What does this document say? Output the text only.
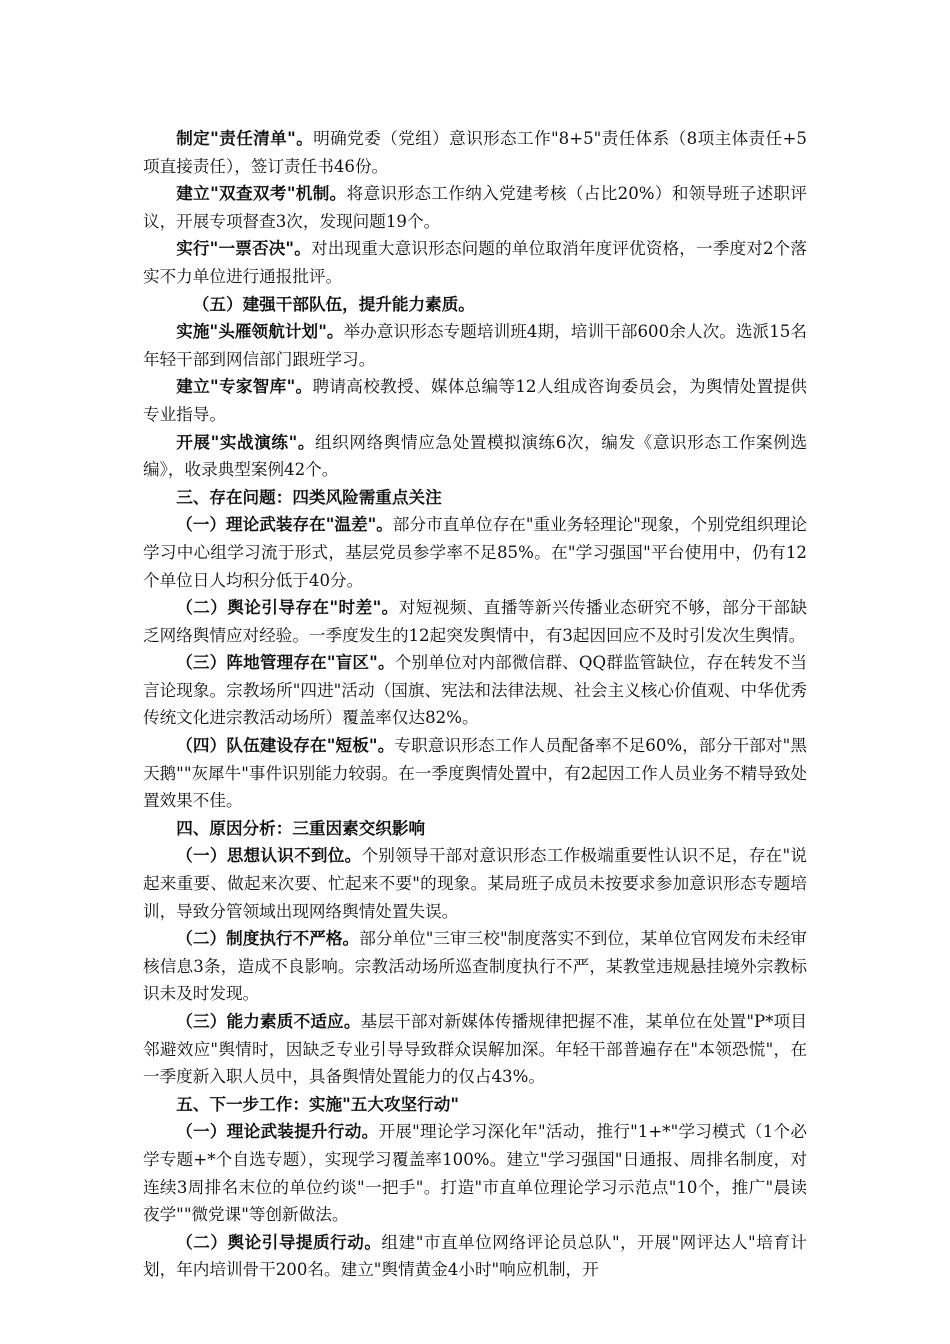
制定"责任清单"。明确党委（党组）意识形态工作"8+5"责任体系（8项主体责任+5项直接责任），签订责任书46份。

建立"双查双考"机制。将意识形态工作纳入党建考核（占比20%）和领导班子述职评议，开展专项督查3次，发现问题19个。

实行"一票否决"。对出现重大意识形态问题的单位取消年度评优资格，一季度对2个落实不力单位进行通报批评。

（五）建强干部队伍，提升能力素质。

实施"头雁领航计划"。举办意识形态专题培训班4期，培训干部600余人次。选派15名年轻干部到网信部门跟班学习。

建立"专家智库"。聘请高校教授、媒体总编等12人组成咨询委员会，为舆情处置提供专业指导。

开展"实战演练"。组织网络舆情应急处置模拟演练6次，编发《意识形态工作案例选编》，收录典型案例42个。

三、存在问题：四类风险需重点关注

（一）理论武装存在"温差"。部分市直单位存在"重业务轻理论"现象，个别党组织理论学习中心组学习流于形式，基层党员参学率不足85%。在"学习强国"平台使用中，仍有12个单位日人均积分低于40分。

（二）舆论引导存在"时差"。对短视频、直播等新兴传播业态研究不够，部分干部缺乏网络舆情应对经验。一季度发生的12起突发舆情中，有3起因回应不及时引发次生舆情。

（三）阵地管理存在"盲区"。个别单位对内部微信群、QQ群监管缺位，存在转发不当言论现象。宗教场所"四进"活动（国旗、宪法和法律法规、社会主义核心价值观、中华优秀传统文化进宗教活动场所）覆盖率仅达82%。

（四）队伍建设存在"短板"。专职意识形态工作人员配备率不足60%，部分干部对"黑天鹅""灰犀牛"事件识别能力较弱。在一季度舆情处置中，有2起因工作人员业务不精导致处置效果不佳。

四、原因分析：三重因素交织影响

（一）思想认识不到位。个别领导干部对意识形态工作极端重要性认识不足，存在"说起来重要、做起来次要、忙起来不要"的现象。某局班子成员未按要求参加意识形态专题培训，导致分管领域出现网络舆情处置失误。

（二）制度执行不严格。部分单位"三审三校"制度落实不到位，某单位官网发布未经审核信息3条，造成不良影响。宗教活动场所巡查制度执行不严，某教堂违规悬挂境外宗教标识未及时发现。

（三）能力素质不适应。基层干部对新媒体传播规律把握不准，某单位在处置"P*项目邻避效应"舆情时，因缺乏专业引导导致群众误解加深。年轻干部普遍存在"本领恐慌"，在一季度新入职人员中，具备舆情处置能力的仅占43%。

五、下一步工作：实施"五大攻坚行动"

（一）理论武装提升行动。开展"理论学习深化年"活动，推行"1+*"学习模式（1个必学专题+*个自选专题），实现学习覆盖率100%。建立"学习强国"日通报、周排名制度，对连续3周排名末位的单位约谈"一把手"。打造"市直单位理论学习示范点"10个，推广"晨读夜学""微党课"等创新做法。

（二）舆论引导提质行动。组建"市直单位网络评论员总队"，开展"网评达人"培育计划，年内培训骨干200名。建立"舆情黄金4小时"响应机制，开
